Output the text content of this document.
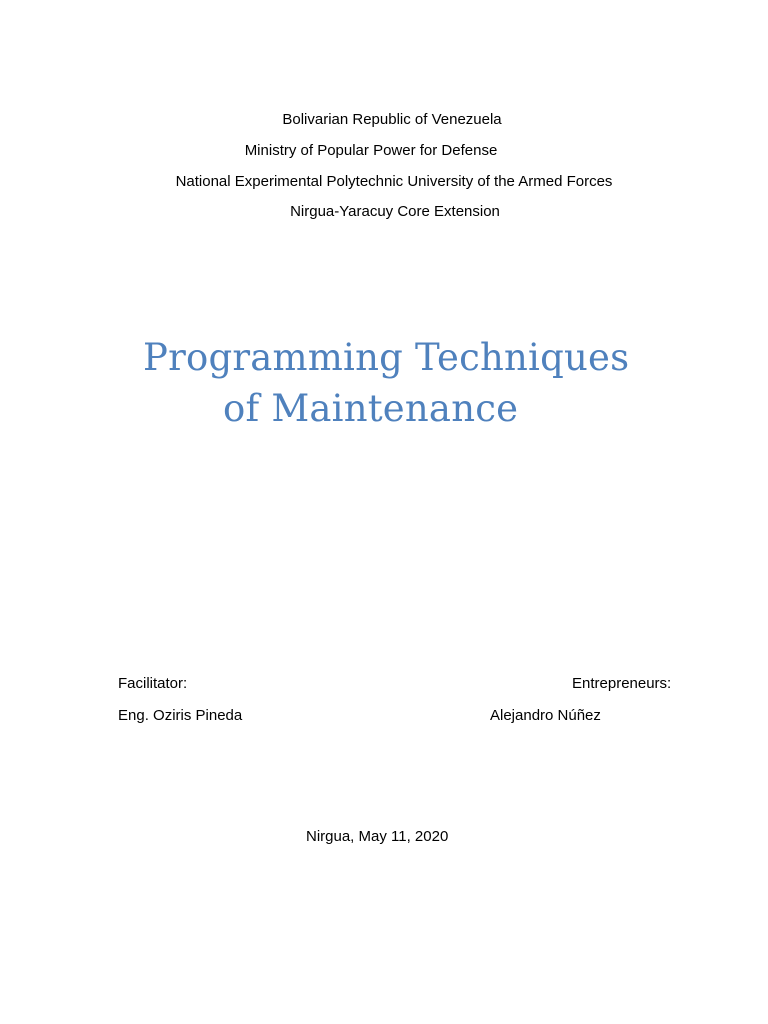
Bolivarian Republic of Venezuela
Ministry of Popular Power for Defense
National Experimental Polytechnic University of the Armed Forces
Nirgua-Yaracuy Core Extension
Programming Techniques
of Maintenance
Facilitator:
Eng. Oziris Pineda
Entrepreneurs:
Alejandro Núñez
Nirgua, May 11, 2020
